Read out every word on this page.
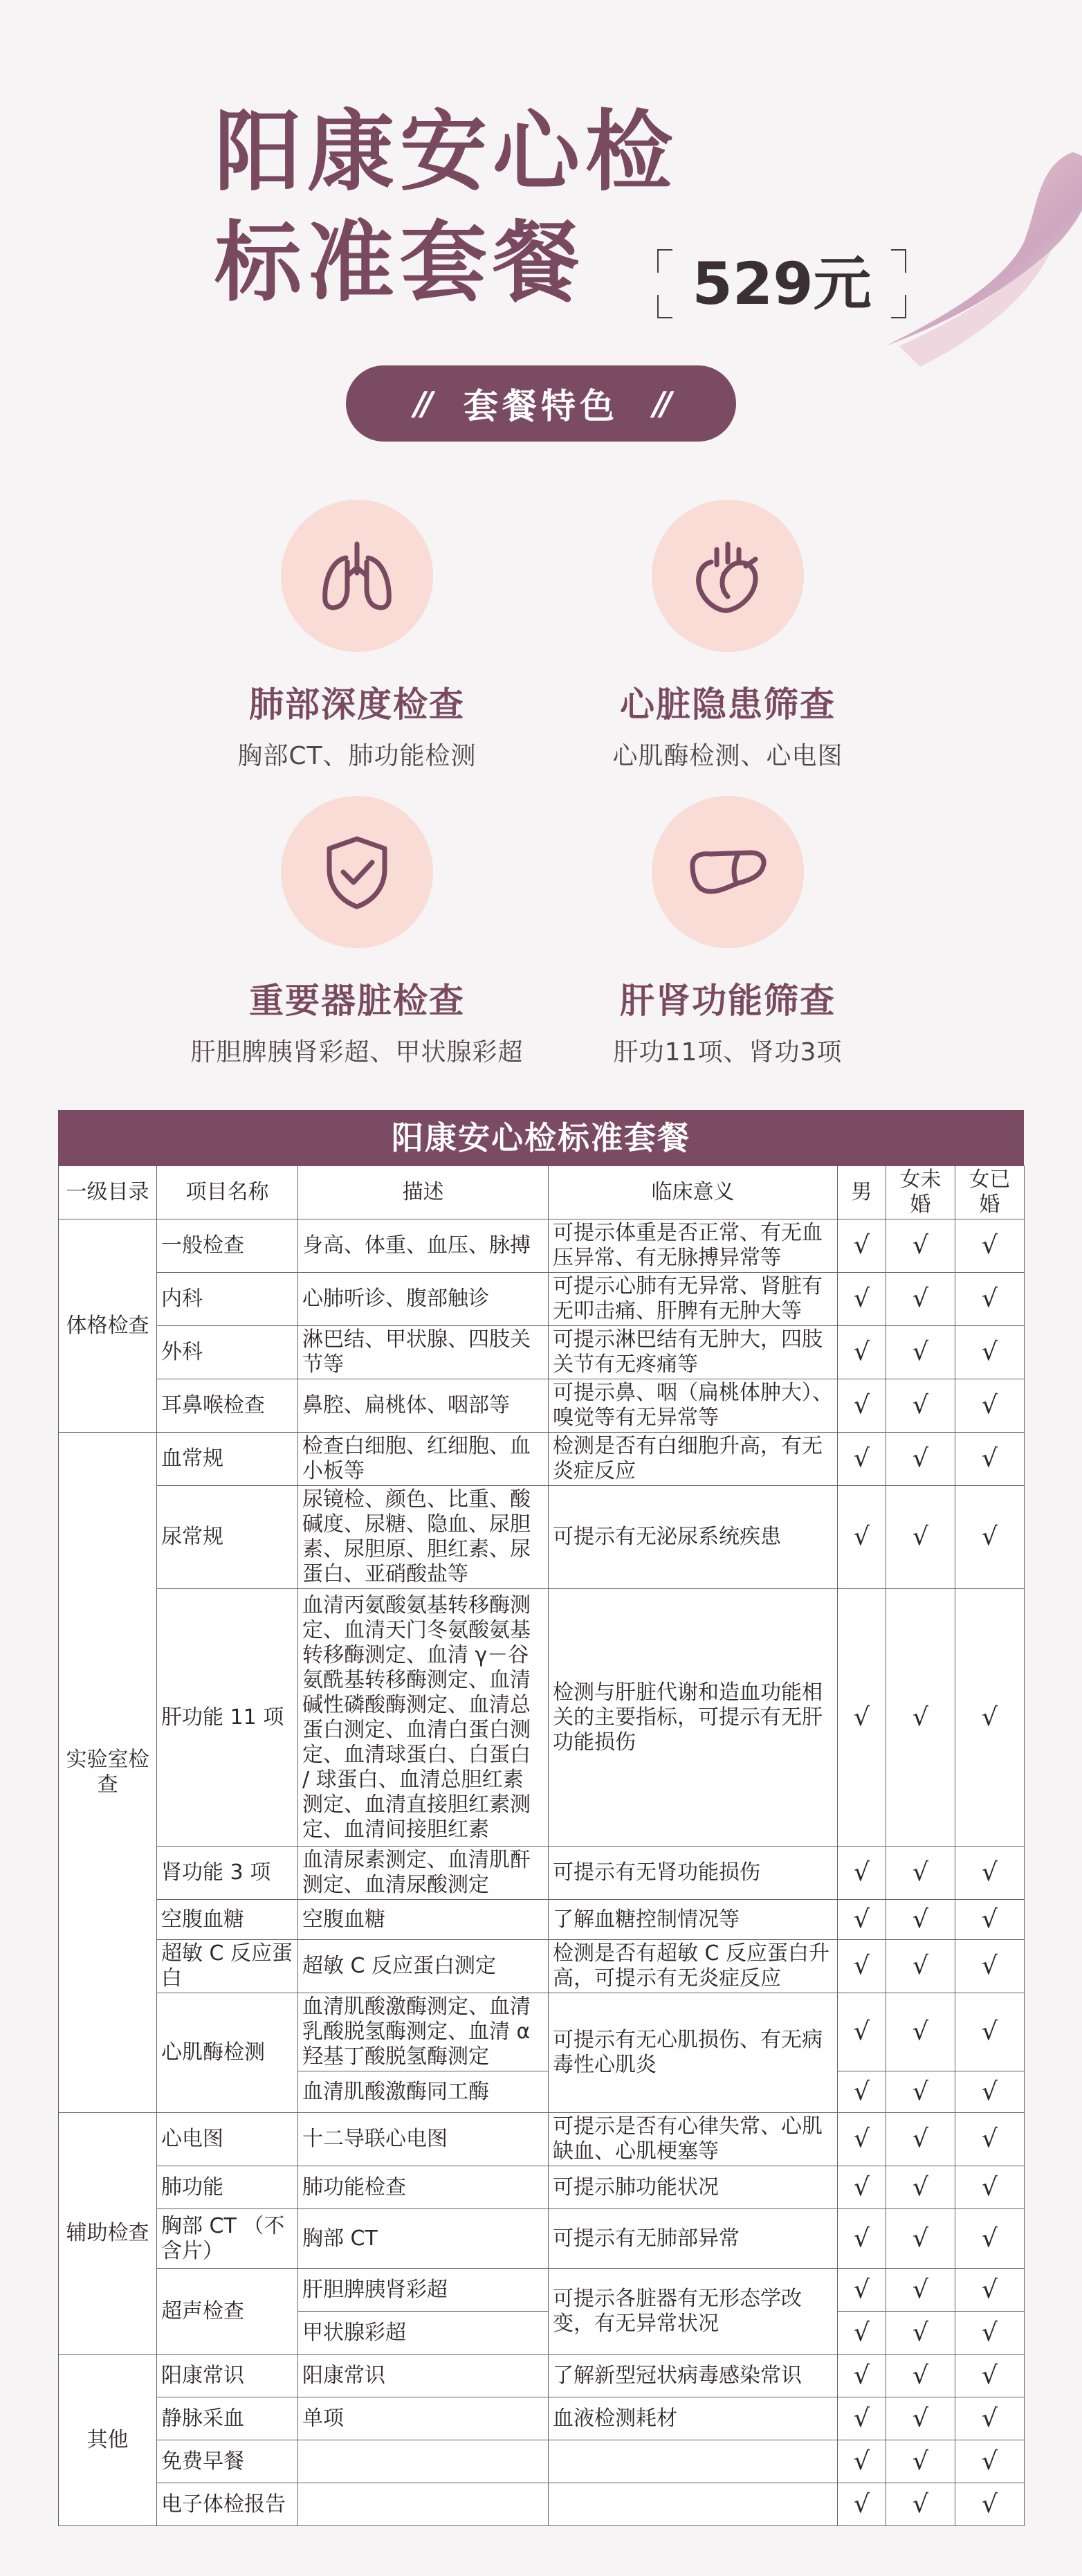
阳康安心检
标准套餐	529元
// 套餐特色 //
肺部深度检查
胸部CT、肺功能检测
心脏隐患筛查
心肌酶检测、心电图
重要器脏检查
肝胆脾胰肾彩超、甲状腺彩超
肝肾功能筛查
肝功11项、肾功3项
阳康安心检标准套餐
一级目录	项目名称	描述	临床意义	男	女未婚	女已婚
体格检查	一般检查	身高、体重、血压、脉搏	可提示体重是否正常、有无血压异常、有无脉搏异常等	√	√	√
	内科	心肺听诊、腹部触诊	可提示心肺有无异常、肾脏有无叩击痛、肝脾有无肿大等	√	√	√
	外科	淋巴结、甲状腺、四肢关节等	可提示淋巴结有无肿大，四肢关节有无疼痛等	√	√	√
	耳鼻喉检查	鼻腔、扁桃体、咽部等	可提示鼻、咽（扁桃体肿大）、嗅觉等有无异常等	√	√	√
实验室检查	血常规	检查白细胞、红细胞、血小板等	检测是否有白细胞升高，有无炎症反应	√	√	√
	尿常规	尿镜检、颜色、比重、酸碱度、尿糖、隐血、尿胆素、尿胆原、胆红素、尿蛋白、亚硝酸盐等	可提示有无泌尿系统疾患	√	√	√
	肝功能 11 项	血清丙氨酸氨基转移酶测定、血清天门冬氨酸氨基转移酶测定、血清 γ－谷氨酰基转移酶测定、血清碱性磷酸酶测定、血清总蛋白测定、血清白蛋白测定、血清球蛋白、白蛋白 / 球蛋白、血清总胆红素测定、血清直接胆红素测定、血清间接胆红素	检测与肝脏代谢和造血功能相关的主要指标，可提示有无肝功能损伤	√	√	√
	肾功能 3 项	血清尿素测定、血清肌酐测定、血清尿酸测定	可提示有无肾功能损伤	√	√	√
	空腹血糖	空腹血糖	了解血糖控制情况等	√	√	√
	超敏 C 反应蛋白	超敏 C 反应蛋白测定	检测是否有超敏 C 反应蛋白升高，可提示有无炎症反应	√	√	√
	心肌酶检测	血清肌酸激酶测定、血清乳酸脱氢酶测定、血清 α 羟基丁酸脱氢酶测定	可提示有无心肌损伤、有无病毒性心肌炎	√	√	√
		血清肌酸激酶同工酶		√	√	√
辅助检查	心电图	十二导联心电图	可提示是否有心律失常、心肌缺血、心肌梗塞等	√	√	√
	肺功能	肺功能检查	可提示肺功能状况	√	√	√
	胸部 CT （不含片）	胸部 CT	可提示有无肺部异常	√	√	√
	超声检查	肝胆脾胰肾彩超	可提示各脏器有无形态学改变，有无异常状况	√	√	√
		甲状腺彩超		√	√	√
其他	阳康常识	阳康常识	了解新型冠状病毒感染常识	√	√	√
	静脉采血	单项	血液检测耗材	√	√	√
	免费早餐			√	√	√
	电子体检报告			√	√	√
